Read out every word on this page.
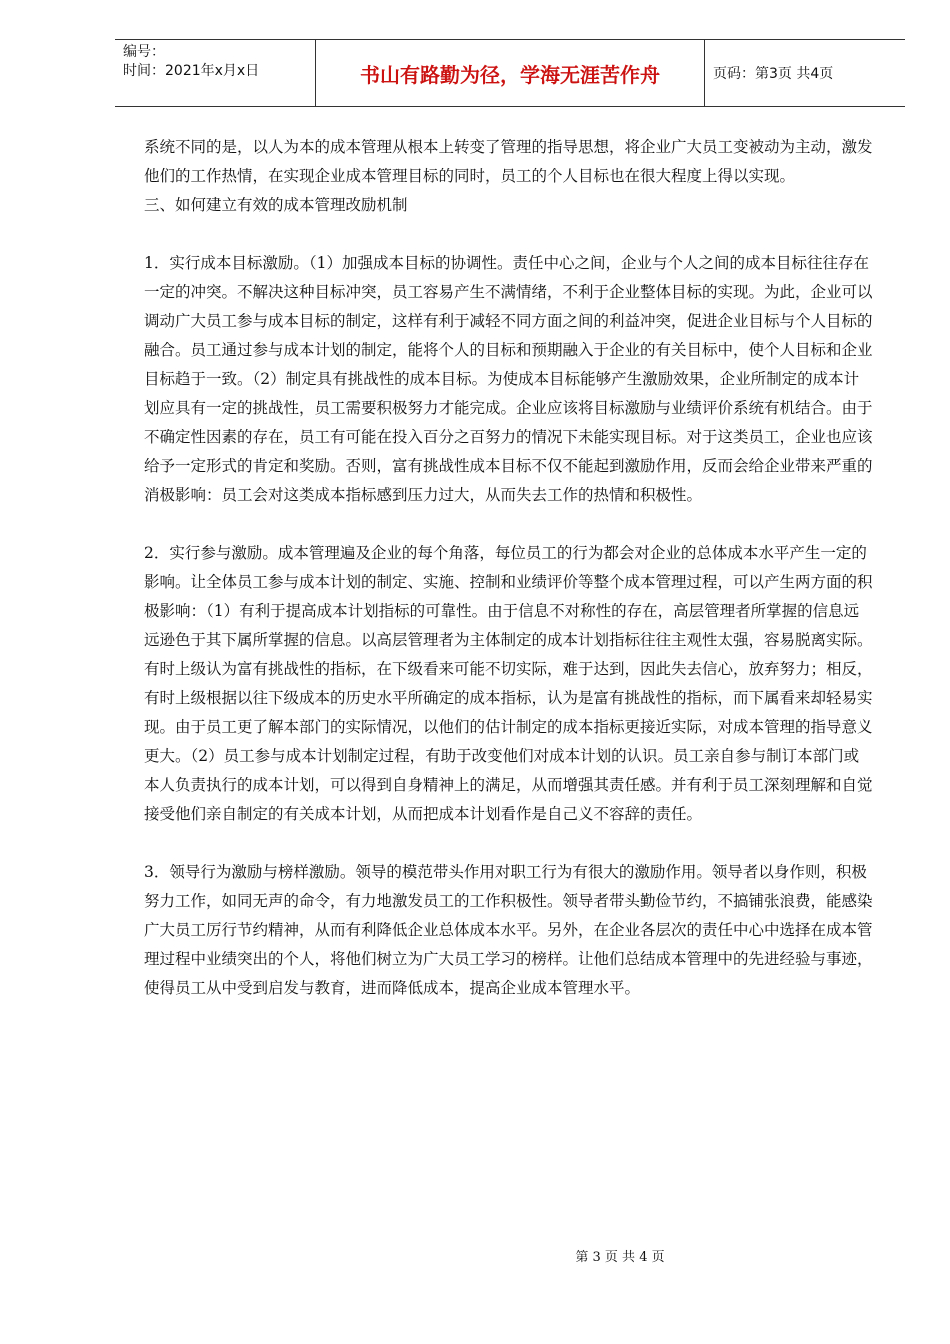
编号：
时间：2021年x月x日	书山有路勤为径，学海无涯苦作舟	页码：第3页 共4页

系统不同的是，以人为本的成本管理从根本上转变了管理的指导思想，将企业广大员工变被动为主动，激发他们的工作热情，在实现企业成本管理目标的同时，员工的个人目标也在很大程度上得以实现。

三、如何建立有效的成本管理改励机制

1．实行成本目标激励。（1）加强成本目标的协调性。责任中心之间，企业与个人之间的成本目标往往存在一定的冲突。不解决这种目标冲突，员工容易产生不满情绪，不利于企业整体目标的实现。为此，企业可以调动广大员工参与成本目标的制定，这样有利于减轻不同方面之间的利益冲突，促进企业目标与个人目标的融合。员工通过参与成本计划的制定，能将个人的目标和预期融入于企业的有关目标中，使个人目标和企业目标趋于一致。（2）制定具有挑战性的成本目标。为使成本目标能够产生激励效果，企业所制定的成本计划应具有一定的挑战性，员工需要积极努力才能完成。企业应该将目标激励与业绩评价系统有机结合。由于不确定性因素的存在，员工有可能在投入百分之百努力的情况下未能实现目标。对于这类员工，企业也应该给予一定形式的肯定和奖励。否则，富有挑战性成本目标不仅不能起到激励作用，反而会给企业带来严重的消极影响：员工会对这类成本指标感到压力过大，从而失去工作的热情和积极性。

2．实行参与激励。成本管理遍及企业的每个角落，每位员工的行为都会对企业的总体成本水平产生一定的影响。让全体员工参与成本计划的制定、实施、控制和业绩评价等整个成本管理过程，可以产生两方面的积极影响：（1）有利于提高成本计划指标的可靠性。由于信息不对称性的存在，高层管理者所掌握的信息远远逊色于其下属所掌握的信息。以高层管理者为主体制定的成本计划指标往往主观性太强，容易脱离实际。有时上级认为富有挑战性的指标，在下级看来可能不切实际，难于达到，因此失去信心，放弃努力；相反，有时上级根据以往下级成本的历史水平所确定的成本指标，认为是富有挑战性的指标，而下属看来却轻易实现。由于员工更了解本部门的实际情况，以他们的估计制定的成本指标更接近实际，对成本管理的指导意义更大。（2）员工参与成本计划制定过程，有助于改变他们对成本计划的认识。员工亲自参与制订本部门或本人负责执行的成本计划，可以得到自身精神上的满足，从而增强其责任感。并有利于员工深刻理解和自觉接受他们亲自制定的有关成本计划，从而把成本计划看作是自己义不容辞的责任。

3．领导行为激励与榜样激励。领导的模范带头作用对职工行为有很大的激励作用。领导者以身作则，积极努力工作，如同无声的命令，有力地激发员工的工作积极性。领导者带头勤俭节约，不搞铺张浪费，能感染广大员工厉行节约精神，从而有利降低企业总体成本水平。另外，在企业各层次的责任中心中选择在成本管理过程中业绩突出的个人，将他们树立为广大员工学习的榜样。让他们总结成本管理中的先进经验与事迹，使得员工从中受到启发与教育，进而降低成本，提高企业成本管理水平。

第 3 页 共 4 页
